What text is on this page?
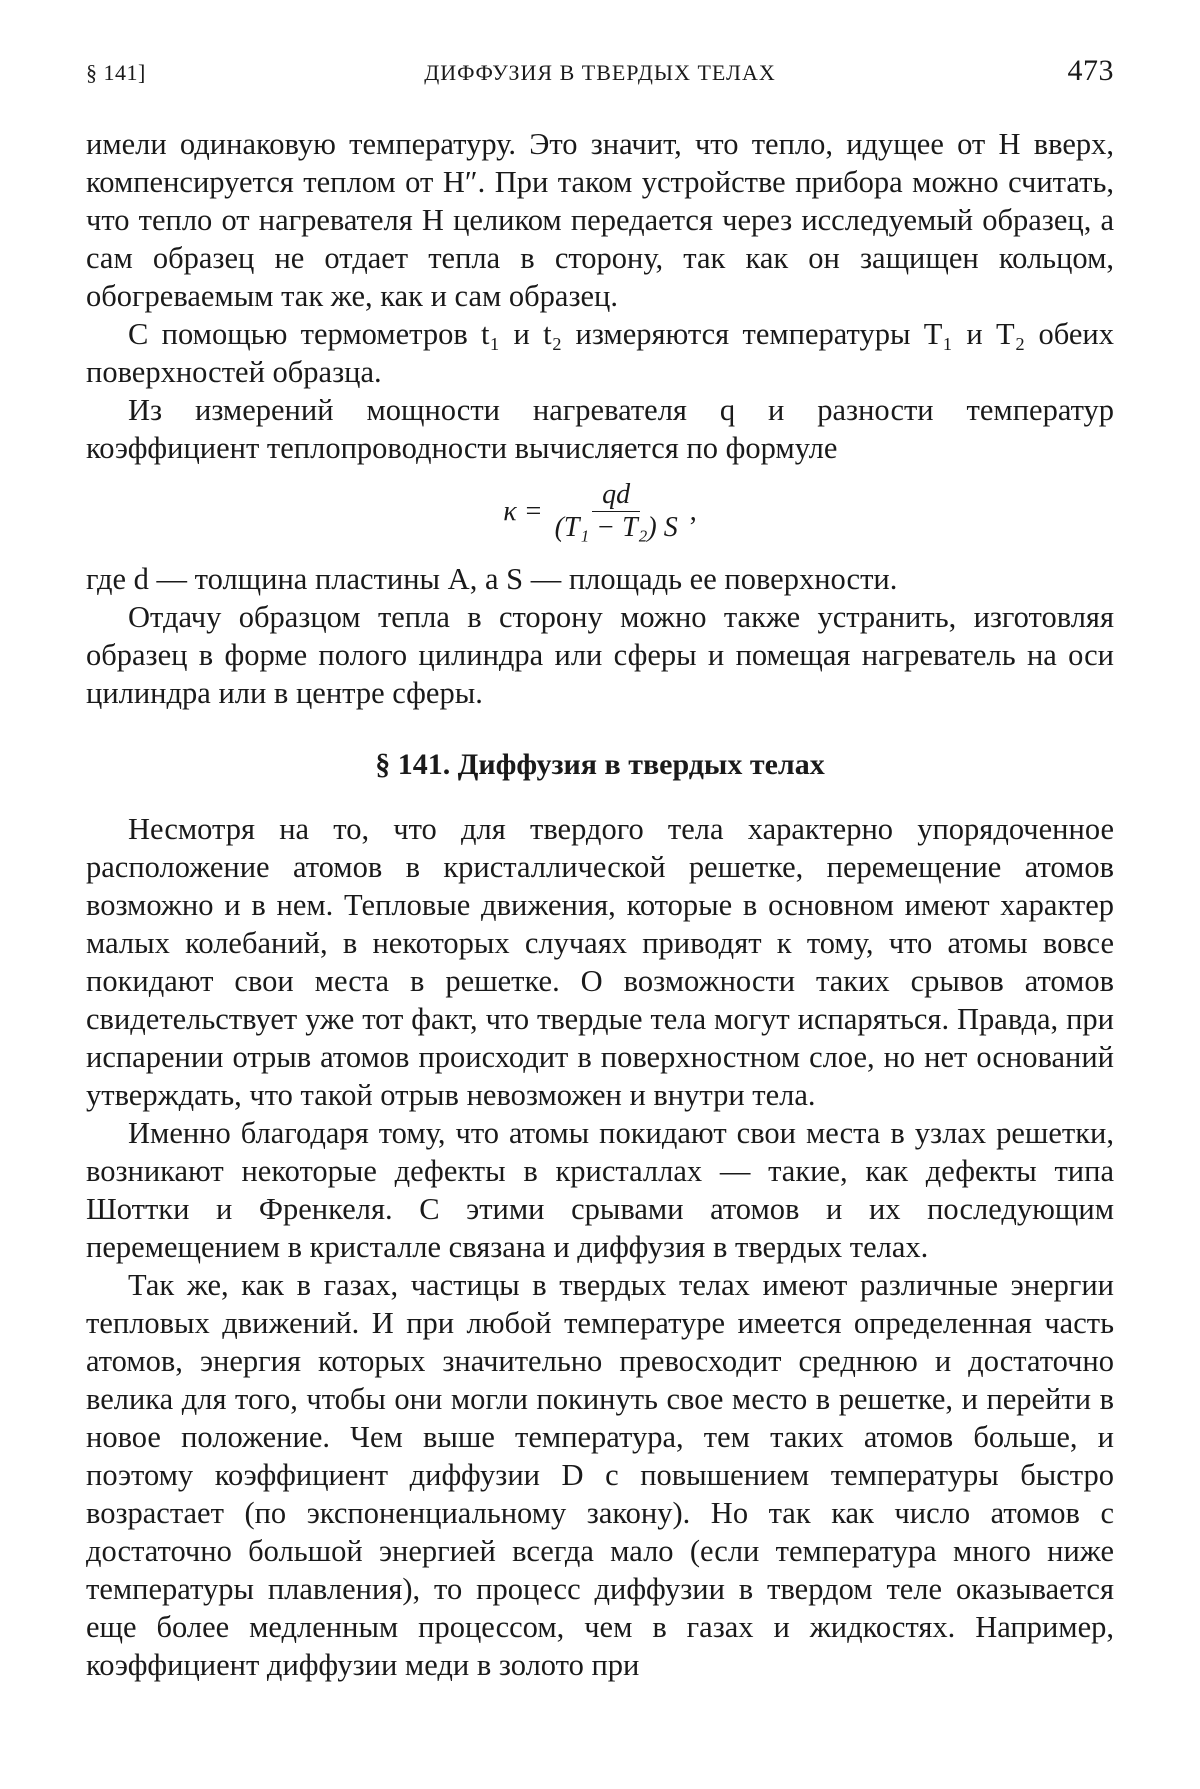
§ 141]	ДИФФУЗИЯ В ТВЕРДЫХ ТЕЛАХ	473

имели одинаковую температуру. Это значит, что тепло, идущее от H вверх, компенсируется теплом от H″. При таком устройстве прибора можно считать, что тепло от нагревателя H целиком передается через исследуемый образец, а сам образец не отдает тепла в сторону, так как он защищен кольцом, обогреваемым так же, как и сам образец.

С помощью термометров t₁ и t₂ измеряются температуры T₁ и T₂ обеих поверхностей образца.

Из измерений мощности нагревателя q и разности температур коэффициент теплопроводности вычисляется по формуле

$\kappa = \frac{qd}{\text{(T₁ − T₂) S}}$ ,

где d — толщина пластины A, а S — площадь ее поверхности.

Отдачу образцом тепла в сторону можно также устранить, изготовляя образец в форме полого цилиндра или сферы и помещая нагреватель на оси цилиндра или в центре сферы.

§ 141. Диффузия в твердых телах

Несмотря на то, что для твердого тела характерно упорядоченное расположение атомов в кристаллической решетке, перемещение атомов возможно и в нем. Тепловые движения, которые в основном имеют характер малых колебаний, в некоторых случаях приводят к тому, что атомы вовсе покидают свои места в решетке. О возможности таких срывов атомов свидетельствует уже тот факт, что твердые тела могут испаряться. Правда, при испарении отрыв атомов происходит в поверхностном слое, но нет оснований утверждать, что такой отрыв невозможен и внутри тела.

Именно благодаря тому, что атомы покидают свои места в узлах решетки, возникают некоторые дефекты в кристаллах — такие, как дефекты типа Шоттки и Френкеля. С этими срывами атомов и их последующим перемещением в кристалле связана и диффузия в твердых телах.

Так же, как в газах, частицы в твердых телах имеют различные энергии тепловых движений. И при любой температуре имеется определенная часть атомов, энергия которых значительно превосходит среднюю и достаточно велика для того, чтобы они могли покинуть свое место в решетке, и перейти в новое положение. Чем выше температура, тем таких атомов больше, и поэтому коэффициент диффузии D с повышением температуры быстро возрастает (по экспоненциальному закону). Но так как число атомов с достаточно большой энергией всегда мало (если температура много ниже температуры плавления), то процесс диффузии в твердом теле оказывается еще более медленным процессом, чем в газах и жидкостях. Например, коэффициент диффузии меди в золото при
